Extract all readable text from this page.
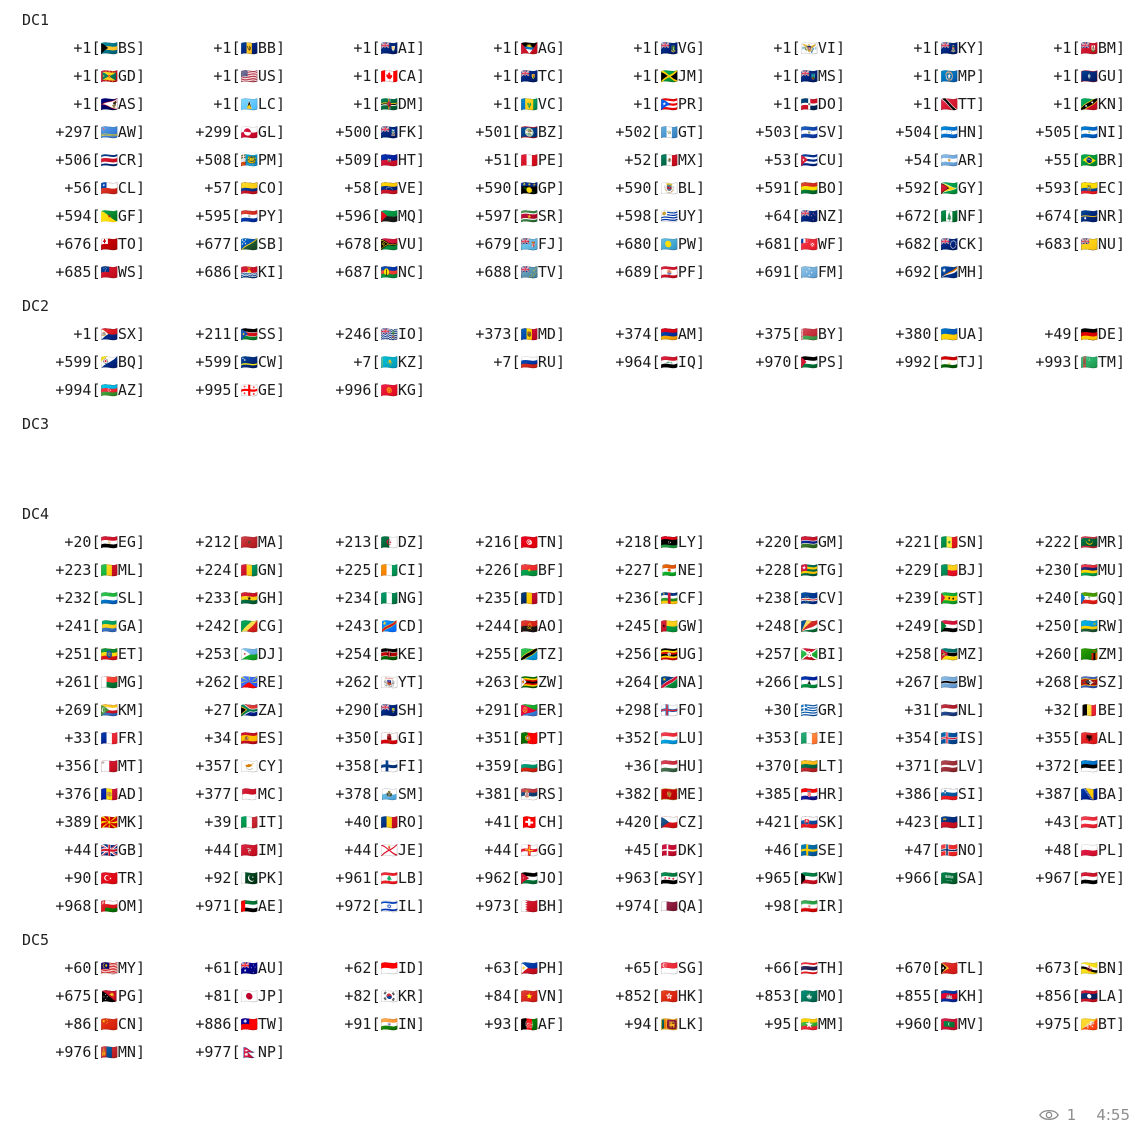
DC1
+1[🇧🇸BS]	+1[🇧🇧BB]	+1[🇦🇮AI]	+1[🇦🇬AG]	+1[🇻🇬VG]	+1[🇻🇮VI]	+1[🇰🇾KY]	+1[🇧🇲BM]
+1[🇬🇩GD]	+1[🇺🇸US]	+1[🇨🇦CA]	+1[🇹🇨TC]	+1[🇯🇲JM]	+1[🇲🇸MS]	+1[🇲🇵MP]	+1[🇬🇺GU]
+1[🇦🇸AS]	+1[🇱🇨LC]	+1[🇩🇲DM]	+1[🇻🇨VC]	+1[🇵🇷PR]	+1[🇩🇴DO]	+1[🇹🇹TT]	+1[🇰🇳KN]
+297[🇦🇼AW]	+299[🇬🇱GL]	+500[🇫🇰FK]	+501[🇧🇿BZ]	+502[🇬🇹GT]	+503[🇸🇻SV]	+504[🇭🇳HN]	+505[🇳🇮NI]
+506[🇨🇷CR]	+508[🇵🇲PM]	+509[🇭🇹HT]	+51[🇵🇪PE]	+52[🇲🇽MX]	+53[🇨🇺CU]	+54[🇦🇷AR]	+55[🇧🇷BR]
+56[🇨🇱CL]	+57[🇨🇴CO]	+58[🇻🇪VE]	+590[🇬🇵GP]	+590[🇧🇱BL]	+591[🇧🇴BO]	+592[🇬🇾GY]	+593[🇪🇨EC]
+594[🇬🇫GF]	+595[🇵🇾PY]	+596[🇲🇶MQ]	+597[🇸🇷SR]	+598[🇺🇾UY]	+64[🇳🇿NZ]	+672[🇳🇫NF]	+674[🇳🇷NR]
+676[🇹🇴TO]	+677[🇸🇧SB]	+678[🇻🇺VU]	+679[🇫🇯FJ]	+680[🇵🇼PW]	+681[🇼🇫WF]	+682[🇨🇰CK]	+683[🇳🇺NU]
+685[🇼🇸WS]	+686[🇰🇮KI]	+687[🇳🇨NC]	+688[🇹🇻TV]	+689[🇵🇫PF]	+691[🇫🇲FM]	+692[🇲🇭MH]
DC2
+1[🇸🇽SX]	+211[🇸🇸SS]	+246[🇮🇴IO]	+373[🇲🇩MD]	+374[🇦🇲AM]	+375[🇧🇾BY]	+380[🇺🇦UA]	+49[🇩🇪DE]
+599[🇧🇶BQ]	+599[🇨🇼CW]	+7[🇰🇿KZ]	+7[🇷🇺RU]	+964[🇮🇶IQ]	+970[🇵🇸PS]	+992[🇹🇯TJ]	+993[🇹🇲TM]
+994[🇦🇿AZ]	+995[🇬🇪GE]	+996[🇰🇬KG]
DC3
DC4
+20[🇪🇬EG]	+212[🇲🇦MA]	+213[🇩🇿DZ]	+216[🇹🇳TN]	+218[🇱🇾LY]	+220[🇬🇲GM]	+221[🇸🇳SN]	+222[🇲🇷MR]
+223[🇲🇱ML]	+224[🇬🇳GN]	+225[🇨🇮CI]	+226[🇧🇫BF]	+227[🇳🇪NE]	+228[🇹🇬TG]	+229[🇧🇯BJ]	+230[🇲🇺MU]
+232[🇸🇱SL]	+233[🇬🇭GH]	+234[🇳🇬NG]	+235[🇹🇩TD]	+236[🇨🇫CF]	+238[🇨🇻CV]	+239[🇸🇹ST]	+240[🇬🇶GQ]
+241[🇬🇦GA]	+242[🇨🇬CG]	+243[🇨🇩CD]	+244[🇦🇴AO]	+245[🇬🇼GW]	+248[🇸🇨SC]	+249[🇸🇩SD]	+250[🇷🇼RW]
+251[🇪🇹ET]	+253[🇩🇯DJ]	+254[🇰🇪KE]	+255[🇹🇿TZ]	+256[🇺🇬UG]	+257[🇧🇮BI]	+258[🇲🇿MZ]	+260[🇿🇲ZM]
+261[🇲🇬MG]	+262[🇷🇪RE]	+262[🇾🇹YT]	+263[🇿🇼ZW]	+264[🇳🇦NA]	+266[🇱🇸LS]	+267[🇧🇼BW]	+268[🇸🇿SZ]
+269[🇰🇲KM]	+27[🇿🇦ZA]	+290[🇸🇭SH]	+291[🇪🇷ER]	+298[🇫🇴FO]	+30[🇬🇷GR]	+31[🇳🇱NL]	+32[🇧🇪BE]
+33[🇫🇷FR]	+34[🇪🇸ES]	+350[🇬🇮GI]	+351[🇵🇹PT]	+352[🇱🇺LU]	+353[🇮🇪IE]	+354[🇮🇸IS]	+355[🇦🇱AL]
+356[🇲🇹MT]	+357[🇨🇾CY]	+358[🇫🇮FI]	+359[🇧🇬BG]	+36[🇭🇺HU]	+370[🇱🇹LT]	+371[🇱🇻LV]	+372[🇪🇪EE]
+376[🇦🇩AD]	+377[🇲🇨MC]	+378[🇸🇲SM]	+381[🇷🇸RS]	+382[🇲🇪ME]	+385[🇭🇷HR]	+386[🇸🇮SI]	+387[🇧🇦BA]
+389[🇲🇰MK]	+39[🇮🇹IT]	+40[🇷🇴RO]	+41[🇨🇭CH]	+420[🇨🇿CZ]	+421[🇸🇰SK]	+423[🇱🇮LI]	+43[🇦🇹AT]
+44[🇬🇧GB]	+44[🇮🇲IM]	+44[🇯🇪JE]	+44[🇬🇬GG]	+45[🇩🇰DK]	+46[🇸🇪SE]	+47[🇳🇴NO]	+48[🇵🇱PL]
+90[🇹🇷TR]	+92[🇵🇰PK]	+961[🇱🇧LB]	+962[🇯🇴JO]	+963[🇸🇾SY]	+965[🇰🇼KW]	+966[🇸🇦SA]	+967[🇾🇪YE]
+968[🇴🇲OM]	+971[🇦🇪AE]	+972[🇮🇱IL]	+973[🇧🇭BH]	+974[🇶🇦QA]	+98[🇮🇷IR]
DC5
+60[🇲🇾MY]	+61[🇦🇺AU]	+62[🇮🇩ID]	+63[🇵🇭PH]	+65[🇸🇬SG]	+66[🇹🇭TH]	+670[🇹🇱TL]	+673[🇧🇳BN]
+675[🇵🇬PG]	+81[🇯🇵JP]	+82[🇰🇷KR]	+84[🇻🇳VN]	+852[🇭🇰HK]	+853[🇲🇴MO]	+855[🇰🇭KH]	+856[🇱🇦LA]
+86[🇨🇳CN]	+886[🇹🇼TW]	+91[🇮🇳IN]	+93[🇦🇫AF]	+94[🇱🇰LK]	+95[🇲🇲MM]	+960[🇲🇻MV]	+975[🇧🇹BT]
+976[🇲🇳MN]	+977[🇳🇵NP]
1 4:55
